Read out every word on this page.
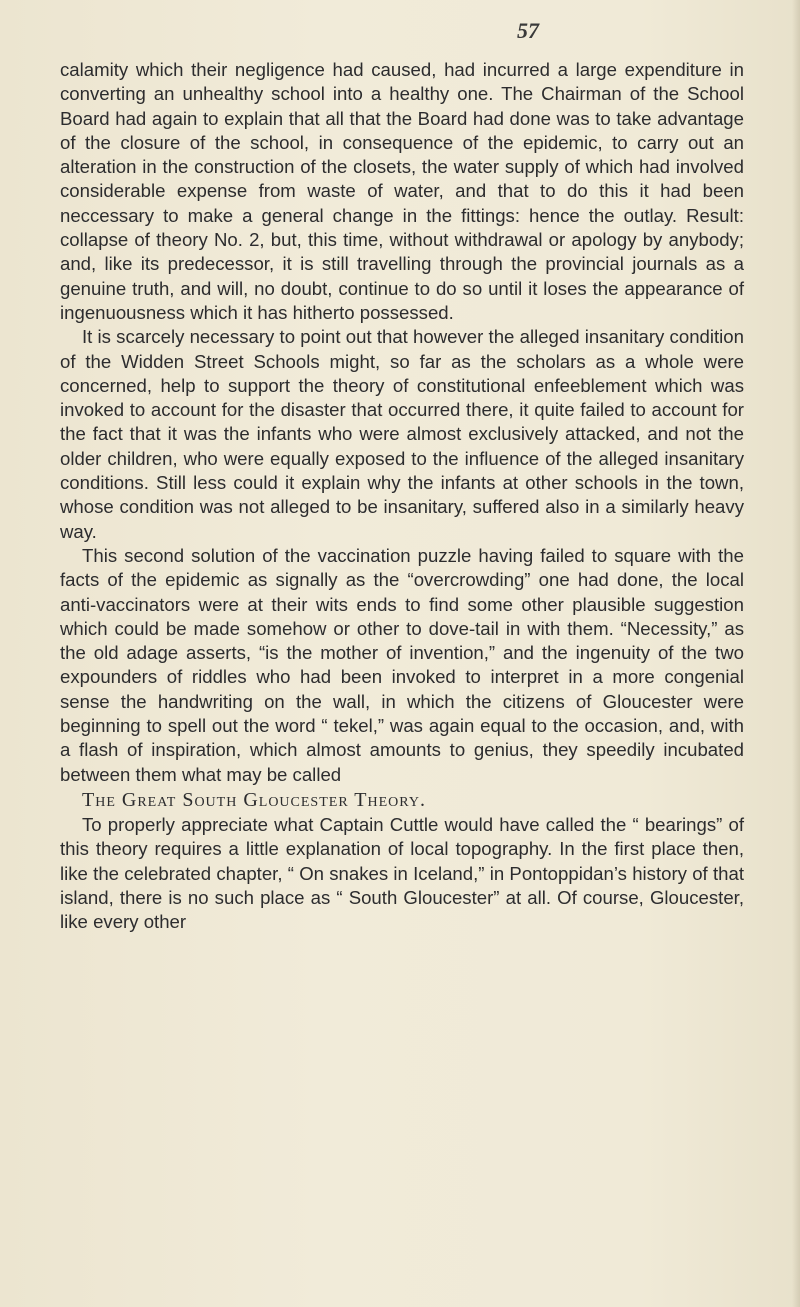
57

calamity which their negligence had caused, had incurred a large expenditure in converting an unhealthy school into a healthy one. The Chairman of the School Board had again to explain that all that the Board had done was to take advantage of the closure of the school, in consequence of the epidemic, to carry out an alteration in the construction of the closets, the water supply of which had involved considerable expense from waste of water, and that to do this it had been neccessary to make a general change in the fittings: hence the outlay. Result: collapse of theory No. 2, but, this time, without withdrawal or apology by anybody; and, like its predecessor, it is still travelling through the provincial journals as a genuine truth, and will, no doubt, continue to do so until it loses the appearance of ingenuousness which it has hitherto possessed.

It is scarcely necessary to point out that however the alleged insanitary condition of the Widden Street Schools might, so far as the scholars as a whole were concerned, help to support the theory of constitutional enfeeblement which was invoked to account for the disaster that occurred there, it quite failed to account for the fact that it was the infants who were almost exclusively attacked, and not the older children, who were equally exposed to the influence of the alleged insanitary conditions. Still less could it explain why the infants at other schools in the town, whose condition was not alleged to be insanitary, suffered also in a similarly heavy way.

This second solution of the vaccination puzzle having failed to square with the facts of the epidemic as signally as the “overcrowding” one had done, the local anti-vaccinators were at their wits ends to find some other plausible suggestion which could be made somehow or other to dove-tail in with them. “Necessity,” as the old adage asserts, “is the mother of invention,” and the ingenuity of the two expounders of riddles who had been invoked to interpret in a more congenial sense the handwriting on the wall, in which the citizens of Gloucester were beginning to spell out the word “ tekel,” was again equal to the occasion, and, with a flash of inspiration, which almost amounts to genius, they speedily incubated between them what may be called

The Great South Gloucester Theory.

To properly appreciate what Captain Cuttle would have called the “ bearings” of this theory requires a little explanation of local topography. In the first place then, like the celebrated chapter, “ On snakes in Iceland,” in Pontoppidan’s history of that island, there is no such place as “ South Gloucester” at all. Of course, Gloucester, like every other
